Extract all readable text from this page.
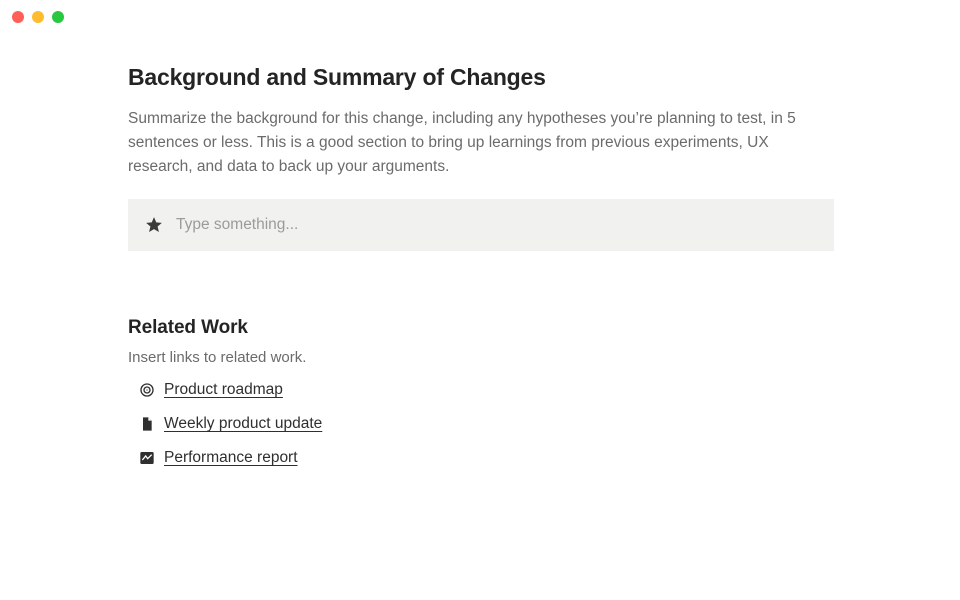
Background and Summary of Changes

Summarize the background for this change, including any hypotheses you’re planning to test, in 5 sentences or less. This is a good section to bring up learnings from previous experiments, UX research, and data to back up your arguments.

Type something...
Related Work

Insert links to related work.

Product roadmap
Weekly product update
Performance report
